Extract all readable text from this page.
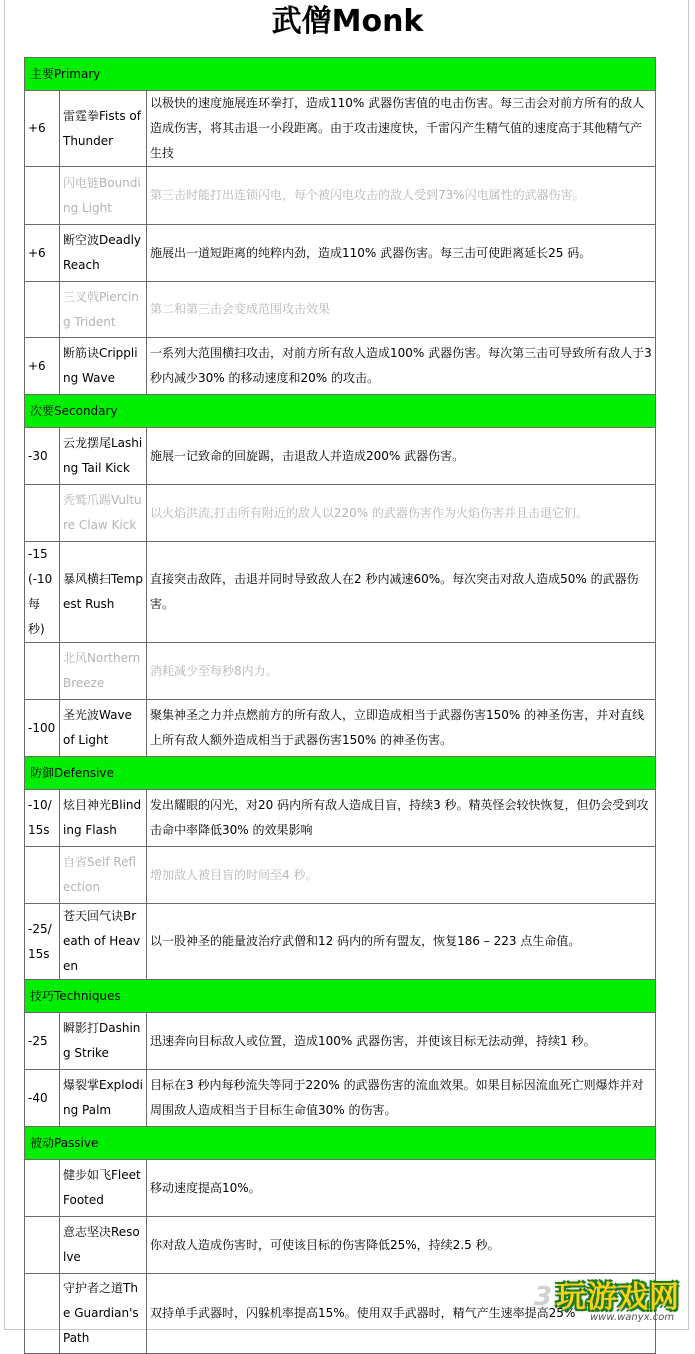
武僧Monk
主要Primary		
+6	雷霆拳Fists of Thunder	以极快的速度施展连环拳打，造成110% 武器伤害值的电击伤害。每三击会对前方所有的敌人造成伤害，将其击退一小段距离。由于攻击速度快，千雷闪产生精气值的速度高于其他精气产生技
	闪电链Bounding Light	第三击时能打出连锁闪电，每个被闪电攻击的敌人受到73%闪电属性的武器伤害。
+6	断空波Deadly Reach	施展出一道短距离的纯粹内劲，造成110% 武器伤害。每三击可使距离延长25 码。
	三叉戟Piercing Trident	第二和第三击会变成范围攻击效果
+6	断筋诀Crippling Wave	一系列大范围横扫攻击，对前方所有敌人造成100% 武器伤害。每次第三击可导致所有敌人于3 秒内减少30% 的移动速度和20% 的攻击。
次要Secondary		
-30	云龙摆尾Lashing Tail Kick	施展一记致命的回旋踢，击退敌人并造成200% 武器伤害。
	秃鹫爪踢Vulture Claw Kick	以火焰洪流,打击所有附近的敌人以220% 的武器伤害作为火焰伤害并且击退它们。
-15(-10每秒)	暴风横扫Tempest Rush	直接突击敌阵，击退并同时导致敌人在2 秒内减速60%。每次突击对敌人造成50% 的武器伤害。
	北风Northern Breeze	消耗减少至每秒8内力。
-100	圣光波Wave of Light	聚集神圣之力并点燃前方的所有敌人，立即造成相当于武器伤害150% 的神圣伤害，并对直线上所有敌人额外造成相当于武器伤害150% 的神圣伤害。
防御Defensive		
-10/15s	炫目神光Blinding Flash	发出耀眼的闪光，对20 码内所有敌人造成目盲，持续3 秒。精英怪会较快恢复，但仍会受到攻击命中率降低30% 的效果影响
	自省Self Reflection	增加敌人被目盲的时间至4 秒。
-25/15s	苍天回气诀Breath of Heaven	以一股神圣的能量波治疗武僧和12 码内的所有盟友，恢复186 – 223 点生命值。
技巧Techniques		
-25	瞬影打Dashing Strike	迅速奔向目标敌人或位置，造成100% 武器伤害，并使该目标无法动弹，持续1 秒。
-40	爆裂掌Exploding Palm	目标在3 秒内每秒流失等同于220% 的武器伤害的流血效果。如果目标因流血死亡则爆炸并对周围敌人造成相当于目标生命值30% 的伤害。
被动Passive		
	健步如飞Fleet Footed	移动速度提高10%。
	意志坚决Resolve	你对敌人造成伤害时，可使该目标的伤害降低25%，持续2.5 秒。
	守护者之道The Guardian's Path	双持单手武器时，闪躲机率提高15%。使用双手武器时，精气产生速率提高25%
3 玩游戏网
www.wanyx.com
